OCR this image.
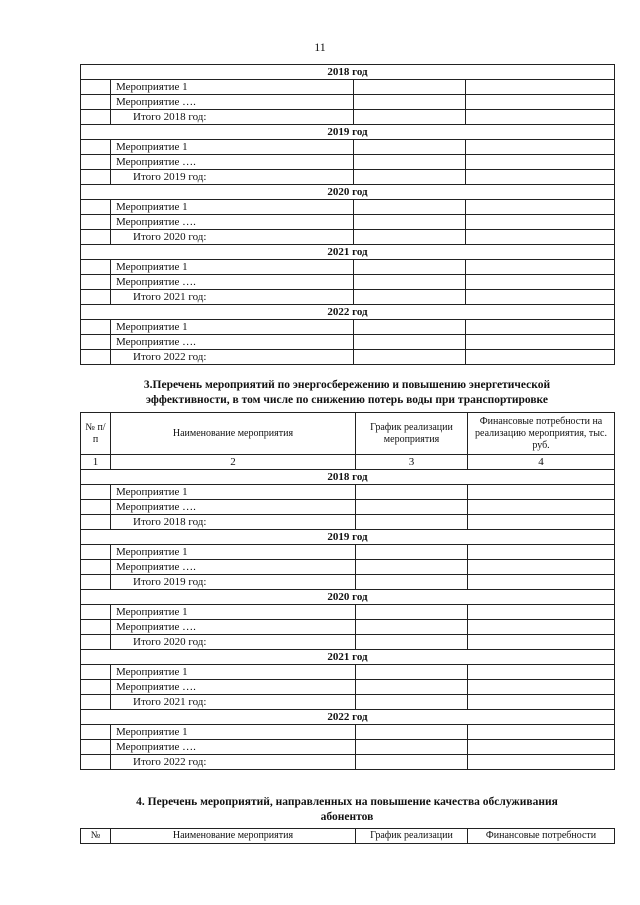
11
2018 год			
	Мероприятие 1		
	Мероприятие ….		
	Итого 2018 год:		
2019 год			
	Мероприятие 1		
	Мероприятие ….		
	Итого 2019 год:		
2020 год			
	Мероприятие 1		
	Мероприятие ….		
	Итого 2020 год:		
2021 год			
	Мероприятие 1		
	Мероприятие ….		
	Итого 2021 год:		
2022 год			
	Мероприятие 1		
	Мероприятие ….		
	Итого 2022 год:		
3.Перечень мероприятий по энергосбережению и повышению энергетической
эффективности, в том числе по снижению потерь воды при транспортировке
№ п/п	Наименование мероприятия	График реализации мероприятия	Финансовые потребности на реализацию мероприятия, тыс. руб.
1	2	3	4
2018 год			
	Мероприятие 1		
	Мероприятие ….		
	Итого 2018 год:		
2019 год			
	Мероприятие 1		
	Мероприятие ….		
	Итого 2019 год:		
2020 год			
	Мероприятие 1		
	Мероприятие ….		
	Итого 2020 год:		
2021 год			
	Мероприятие 1		
	Мероприятие ….		
	Итого 2021 год:		
2022 год			
	Мероприятие 1		
	Мероприятие ….		
	Итого 2022 год:		
4. Перечень мероприятий, направленных на повышение качества обслуживания
абонентов
№	Наименование мероприятия	График реализации	Финансовые потребности
